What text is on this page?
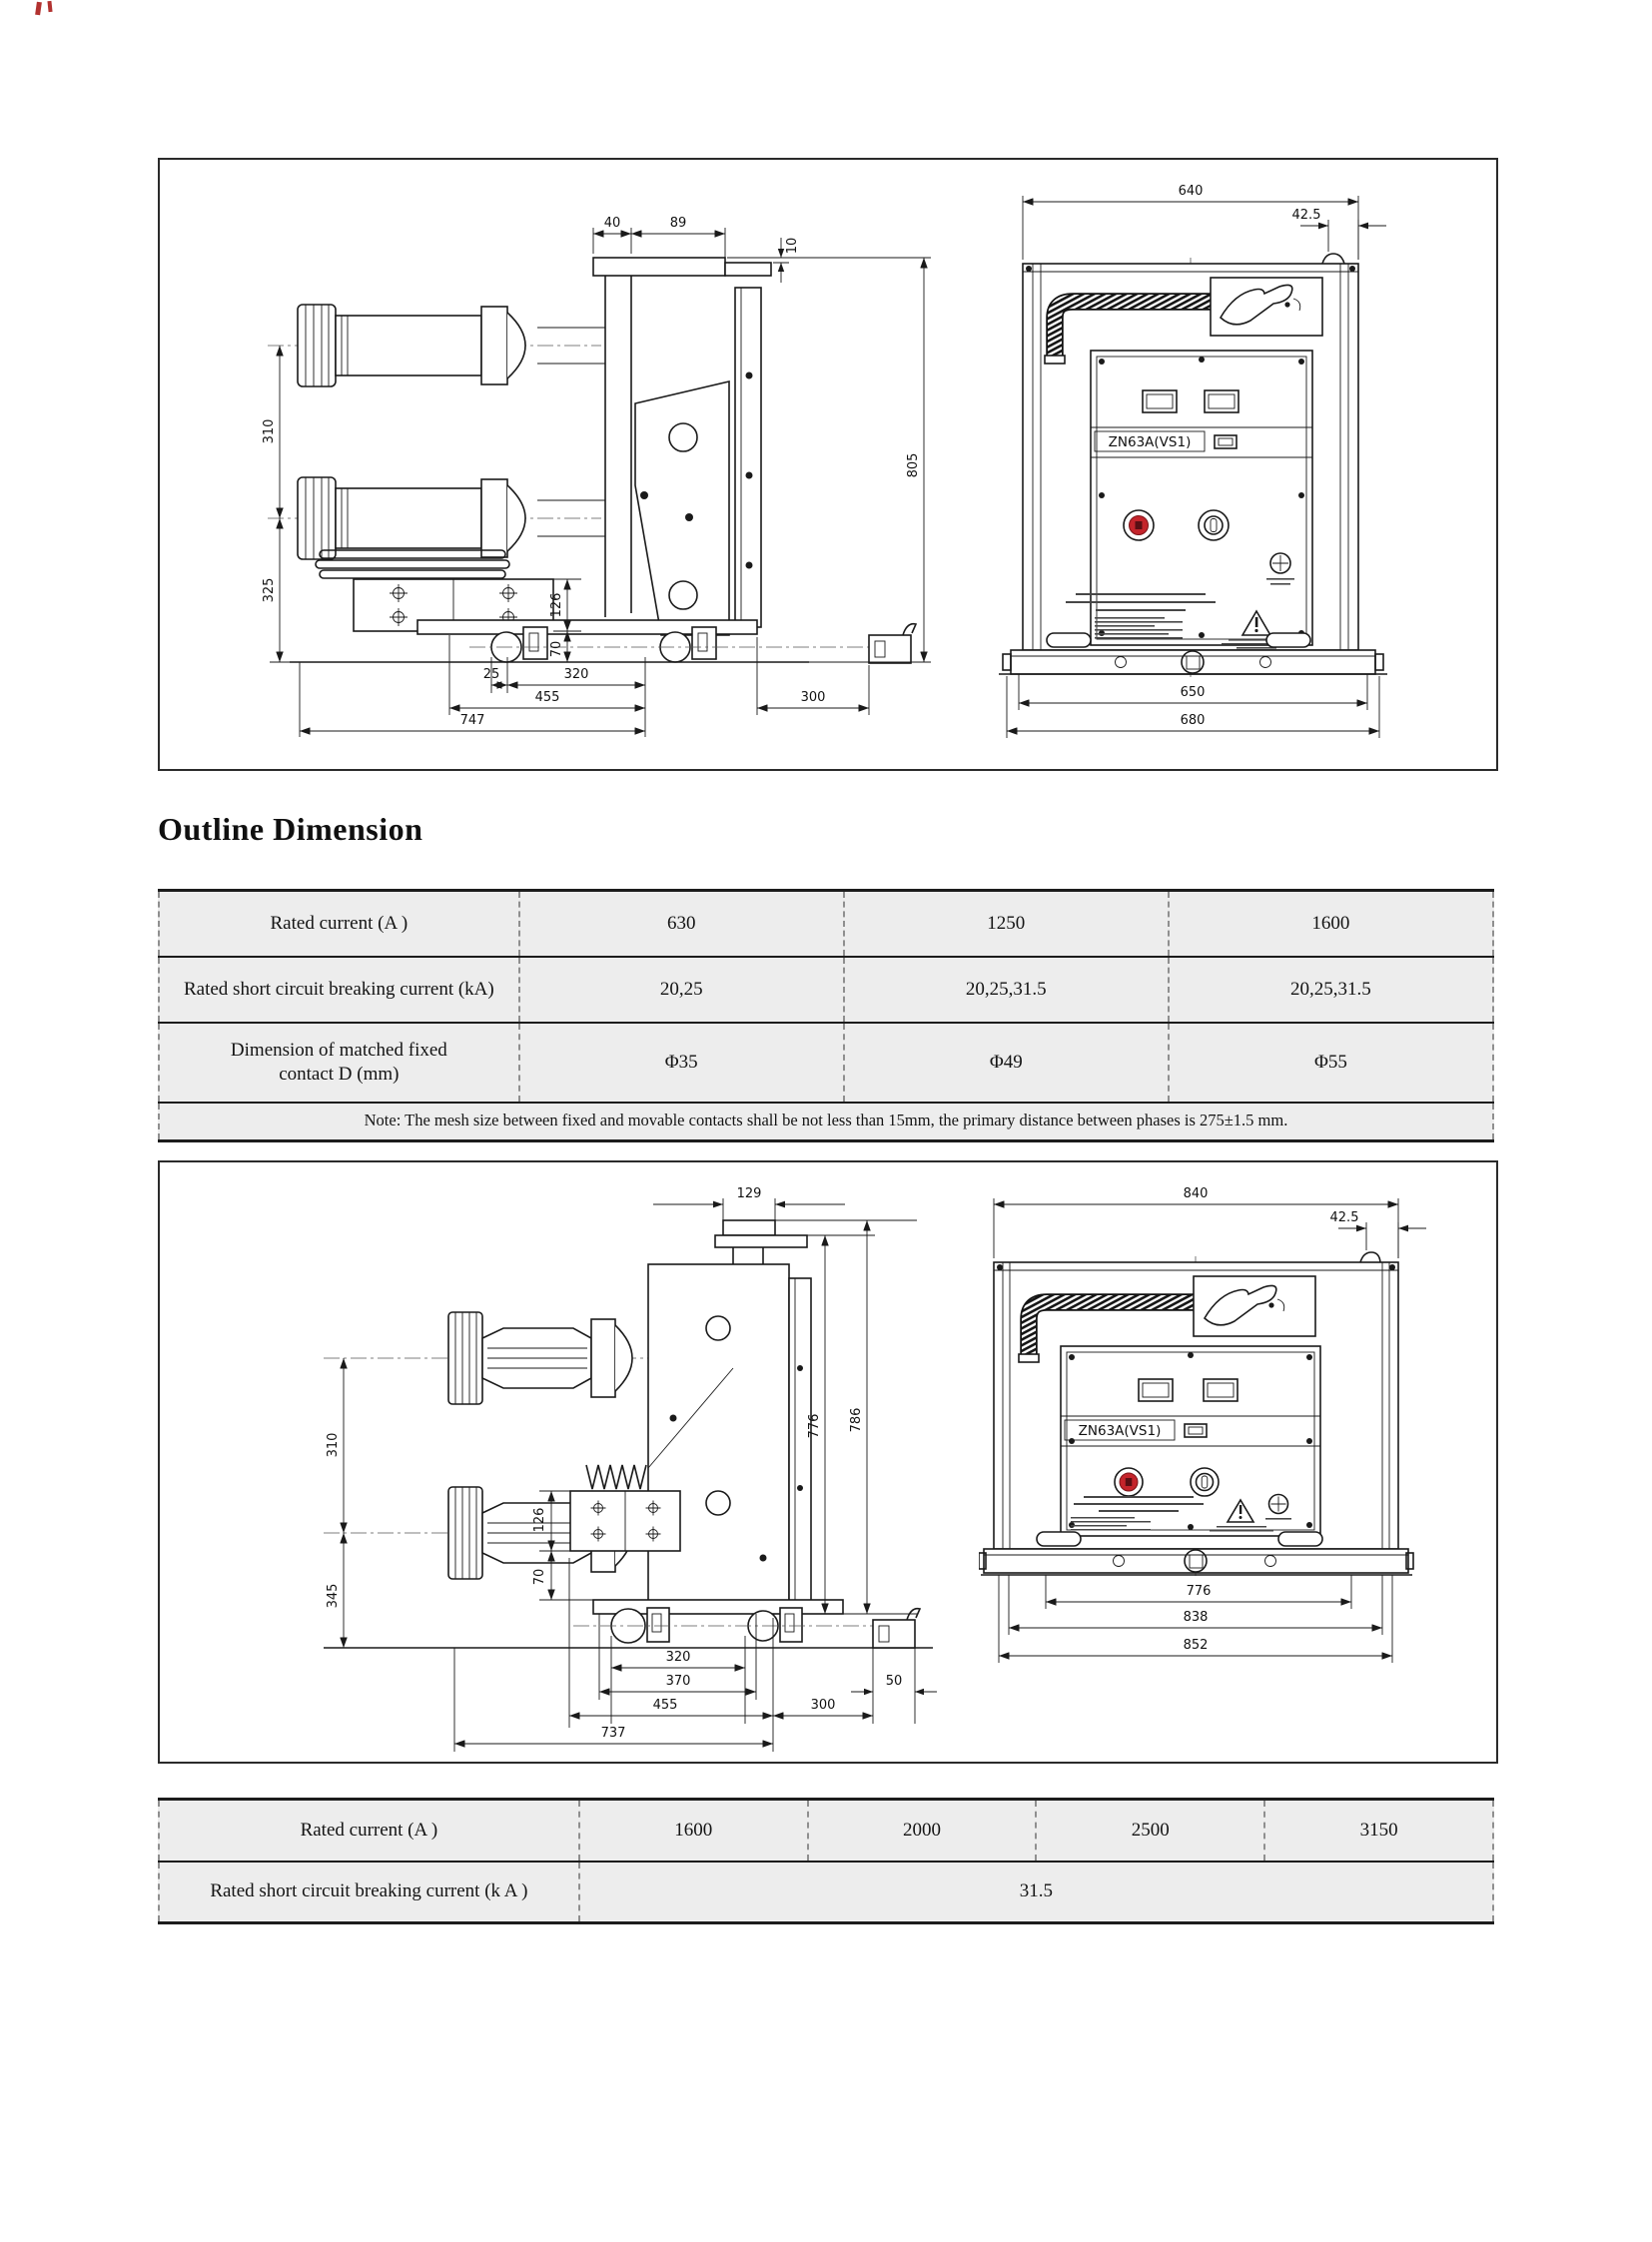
40	89
10
310
325
126
70
805
25	320
455	300
747
ZN63A(VS1)
640
42.5
650
680
Outline Dimension
Rated current (A )	630	1250	1600
Rated short circuit breaking current (kA)	20,25	20,25,31.5	20,25,31.5
Dimension of matched fixed contact D (mm)	Φ35	Φ49	Φ55
Note: The mesh size between fixed and movable contacts shall be not less than 15mm, the primary distance between phases is 275±1.5 mm.			
129
310
345
126
70
776 786
320
370
455	300
50
737
ZN63A(VS1)
840
42.5
776
838
852
Rated current (A )	1600	2000	2500	3150
Rated short circuit breaking current (k A )	31.5			
